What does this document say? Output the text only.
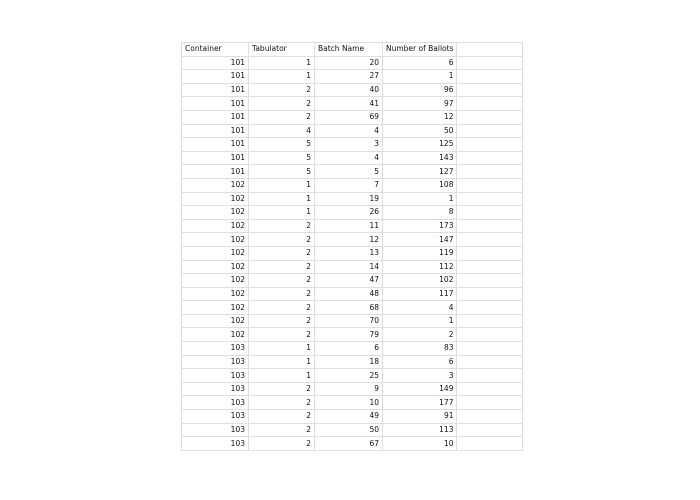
Container	Tabulator	Batch Name	Number of Ballots	
101	1	20	6	
101	1	27	1	
101	2	40	96	
101	2	41	97	
101	2	69	12	
101	4	4	50	
101	5	3	125	
101	5	4	143	
101	5	5	127	
102	1	7	108	
102	1	19	1	
102	1	26	8	
102	2	11	173	
102	2	12	147	
102	2	13	119	
102	2	14	112	
102	2	47	102	
102	2	48	117	
102	2	68	4	
102	2	70	1	
102	2	79	2	
103	1	6	83	
103	1	18	6	
103	1	25	3	
103	2	9	149	
103	2	10	177	
103	2	49	91	
103	2	50	113	
103	2	67	10	
